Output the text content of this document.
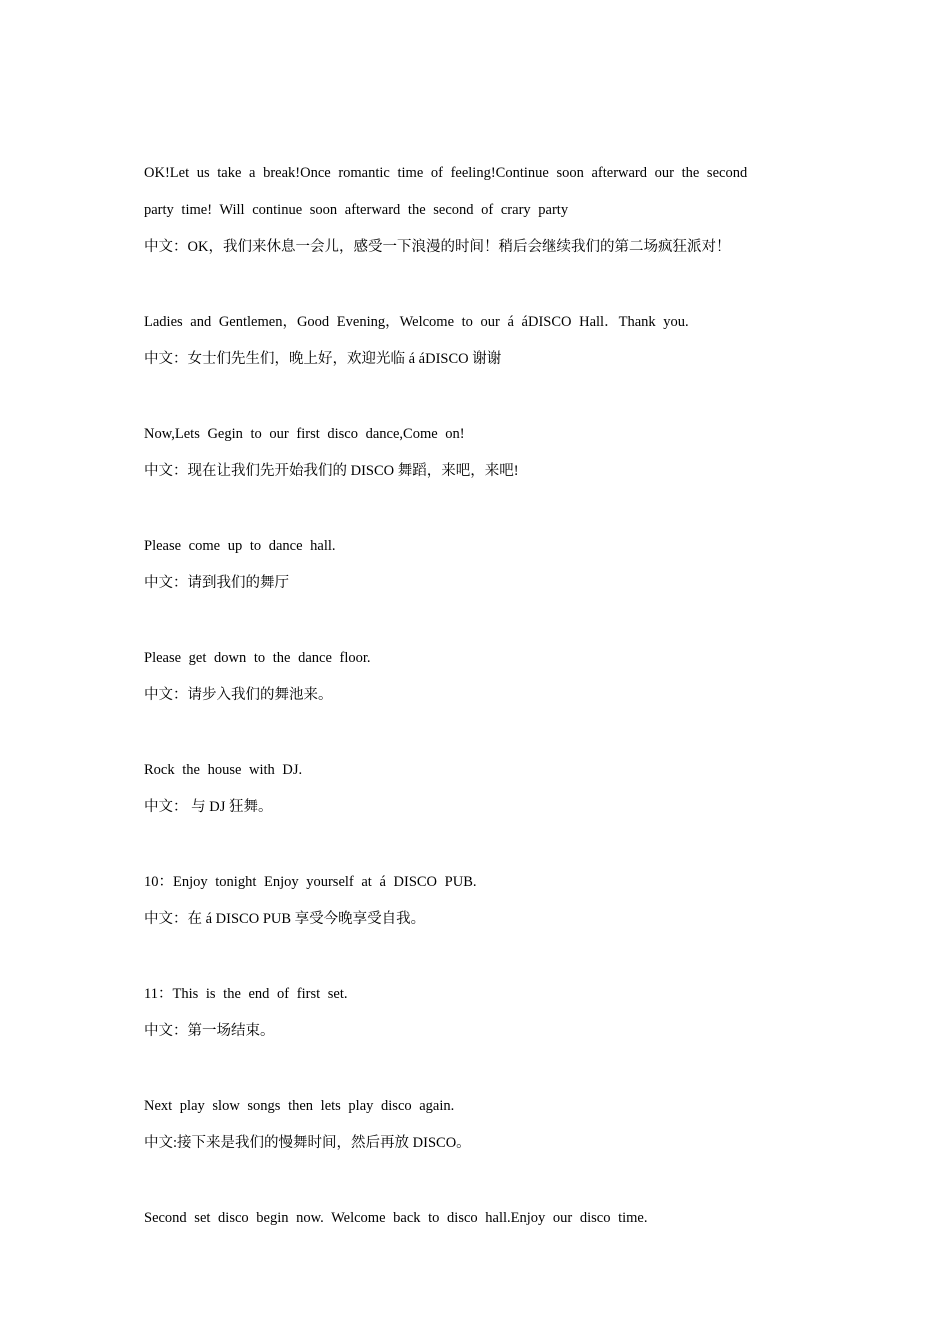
OK!Let us take a break!Once romantic time of feeling!Continue soon afterward our the second
party time! Will continue soon afterward the second of crary party
中文：OK，我们来休息一会儿，感受一下浪漫的时间！稍后会继续我们的第二场疯狂派对！
Ladies and Gentlemen，Good Evening，Welcome to our á áDISCO Hall．Thank you.
中文：女士们先生们，晚上好，欢迎光临 á áDISCO 谢谢
Now,Lets Gegin to our first disco dance,Come on!
中文：现在让我们先开始我们的 DISCO 舞蹈，来吧，来吧!
Please come up to dance hall.
中文：请到我们的舞厅
Please get down to the dance floor.
中文：请步入我们的舞池来。
Rock the house with DJ.
中文： 与 DJ 狂舞。
10：Enjoy tonight Enjoy yourself at á DISCO PUB.
中文：在 á DISCO PUB 享受今晚享受自我。
11：This is the end of first set.
中文：第一场结束。
Next play slow songs then lets play disco again.
中文:接下来是我们的慢舞时间，然后再放 DISCO。
Second set disco begin now. Welcome back to disco hall.Enjoy our disco time.
